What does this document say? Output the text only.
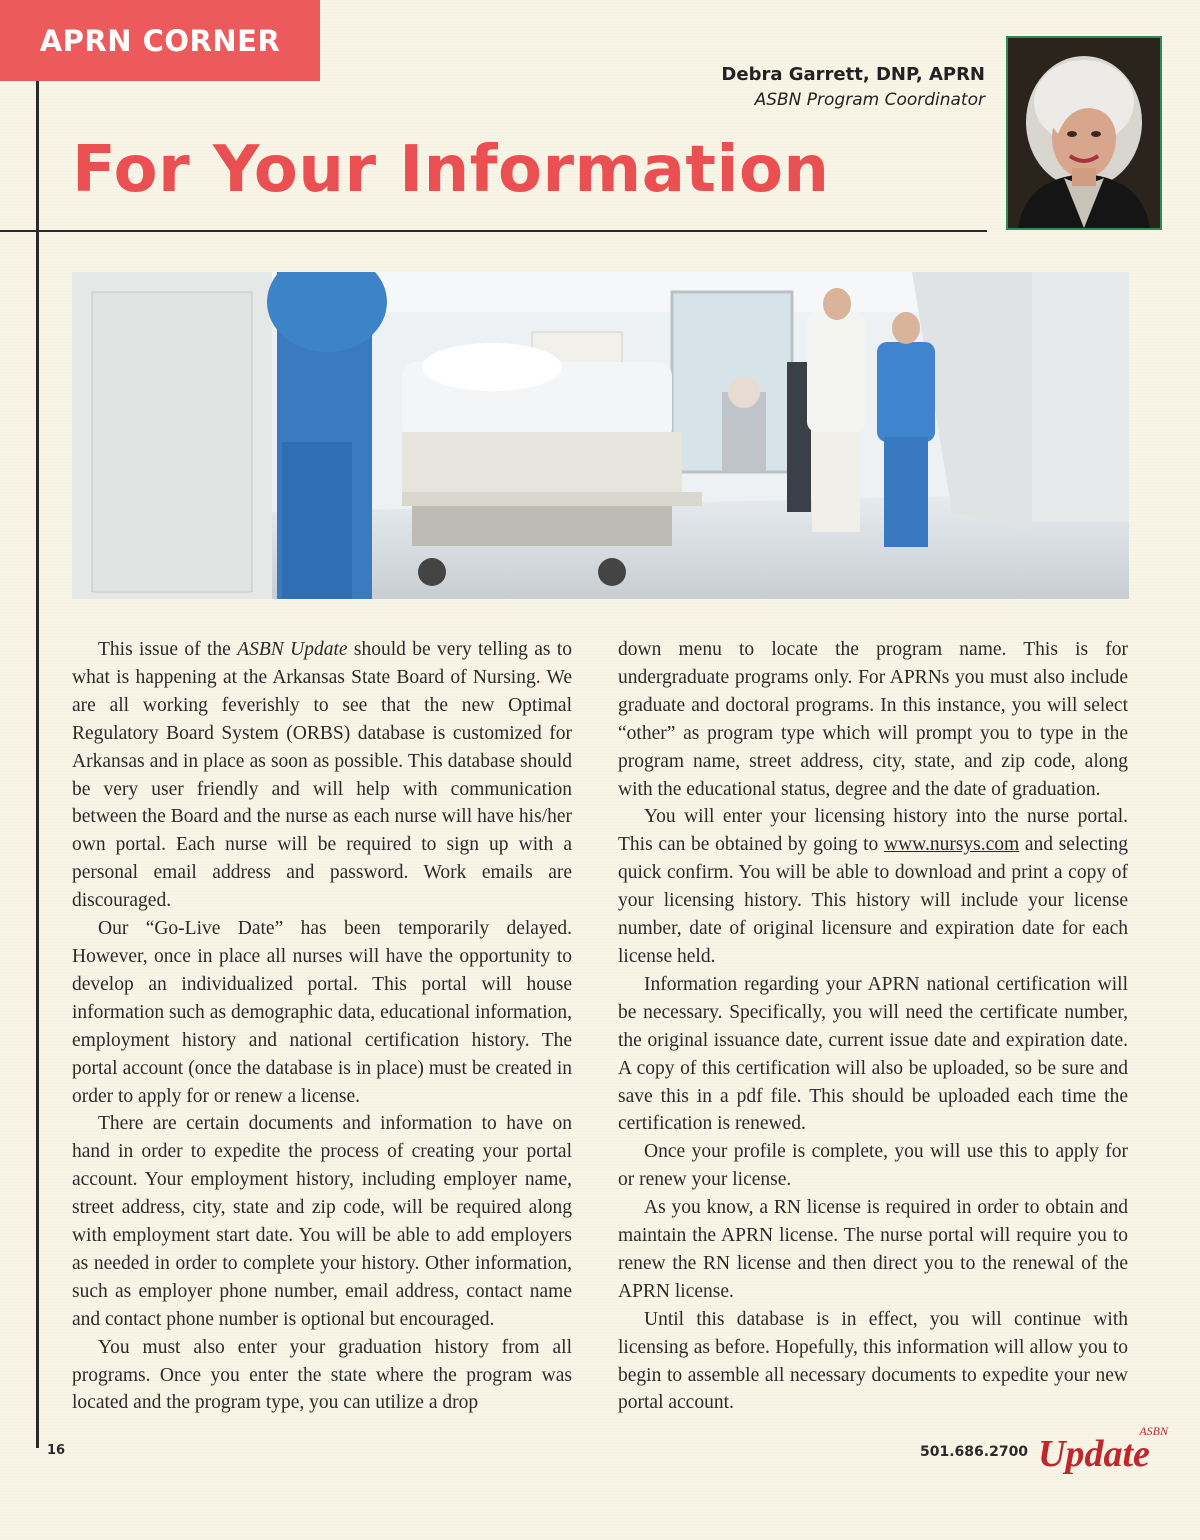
APRN CORNER
Debra Garrett, DNP, APRN
ASBN Program Coordinator
For Your Information

This issue of the ASBN Update should be very telling as to what is happening at the Arkansas State Board of Nursing. We are all working feverishly to see that the new Optimal Regulatory Board System (ORBS) database is customized for Arkansas and in place as soon as possible. This database should be very user friendly and will help with communication between the Board and the nurse as each nurse will have his/her own portal. Each nurse will be required to sign up with a personal email address and password. Work emails are discouraged.

Our “Go-Live Date” has been temporarily delayed. However, once in place all nurses will have the opportunity to develop an individualized portal. This portal will house information such as demographic data, educational information, employment history and national certification history. The portal account (once the database is in place) must be created in order to apply for or renew a license.

There are certain documents and information to have on hand in order to expedite the process of creating your portal account. Your employment history, including employer name, street address, city, state and zip code, will be required along with employment start date. You will be able to add employers as needed in order to complete your history. Other information, such as employer phone number, email address, contact name and contact phone number is optional but encouraged.

You must also enter your graduation history from all programs. Once you enter the state where the program was located and the program type, you can utilize a drop

down menu to locate the program name. This is for undergraduate programs only. For APRNs you must also include graduate and doctoral programs. In this instance, you will select “other” as program type which will prompt you to type in the program name, street address, city, state, and zip code, along with the educational status, degree and the date of graduation.

You will enter your licensing history into the nurse portal. This can be obtained by going to www.nursys.com and selecting quick confirm. You will be able to download and print a copy of your licensing history. This history will include your license number, date of original licensure and expiration date for each license held.

Information regarding your APRN national certification will be necessary. Specifically, you will need the certificate number, the original issuance date, current issue date and expiration date. A copy of this certification will also be uploaded, so be sure and save this in a pdf file. This should be uploaded each time the certification is renewed.

Once your profile is complete, you will use this to apply for or renew your license.

As you know, a RN license is required in order to obtain and maintain the APRN license. The nurse portal will require you to renew the RN license and then direct you to the renewal of the APRN license.

Until this database is in effect, you will continue with licensing as before. Hopefully, this information will allow you to begin to assemble all necessary documents to expedite your new portal account.

16	501.686.2700
ASBN
Update
